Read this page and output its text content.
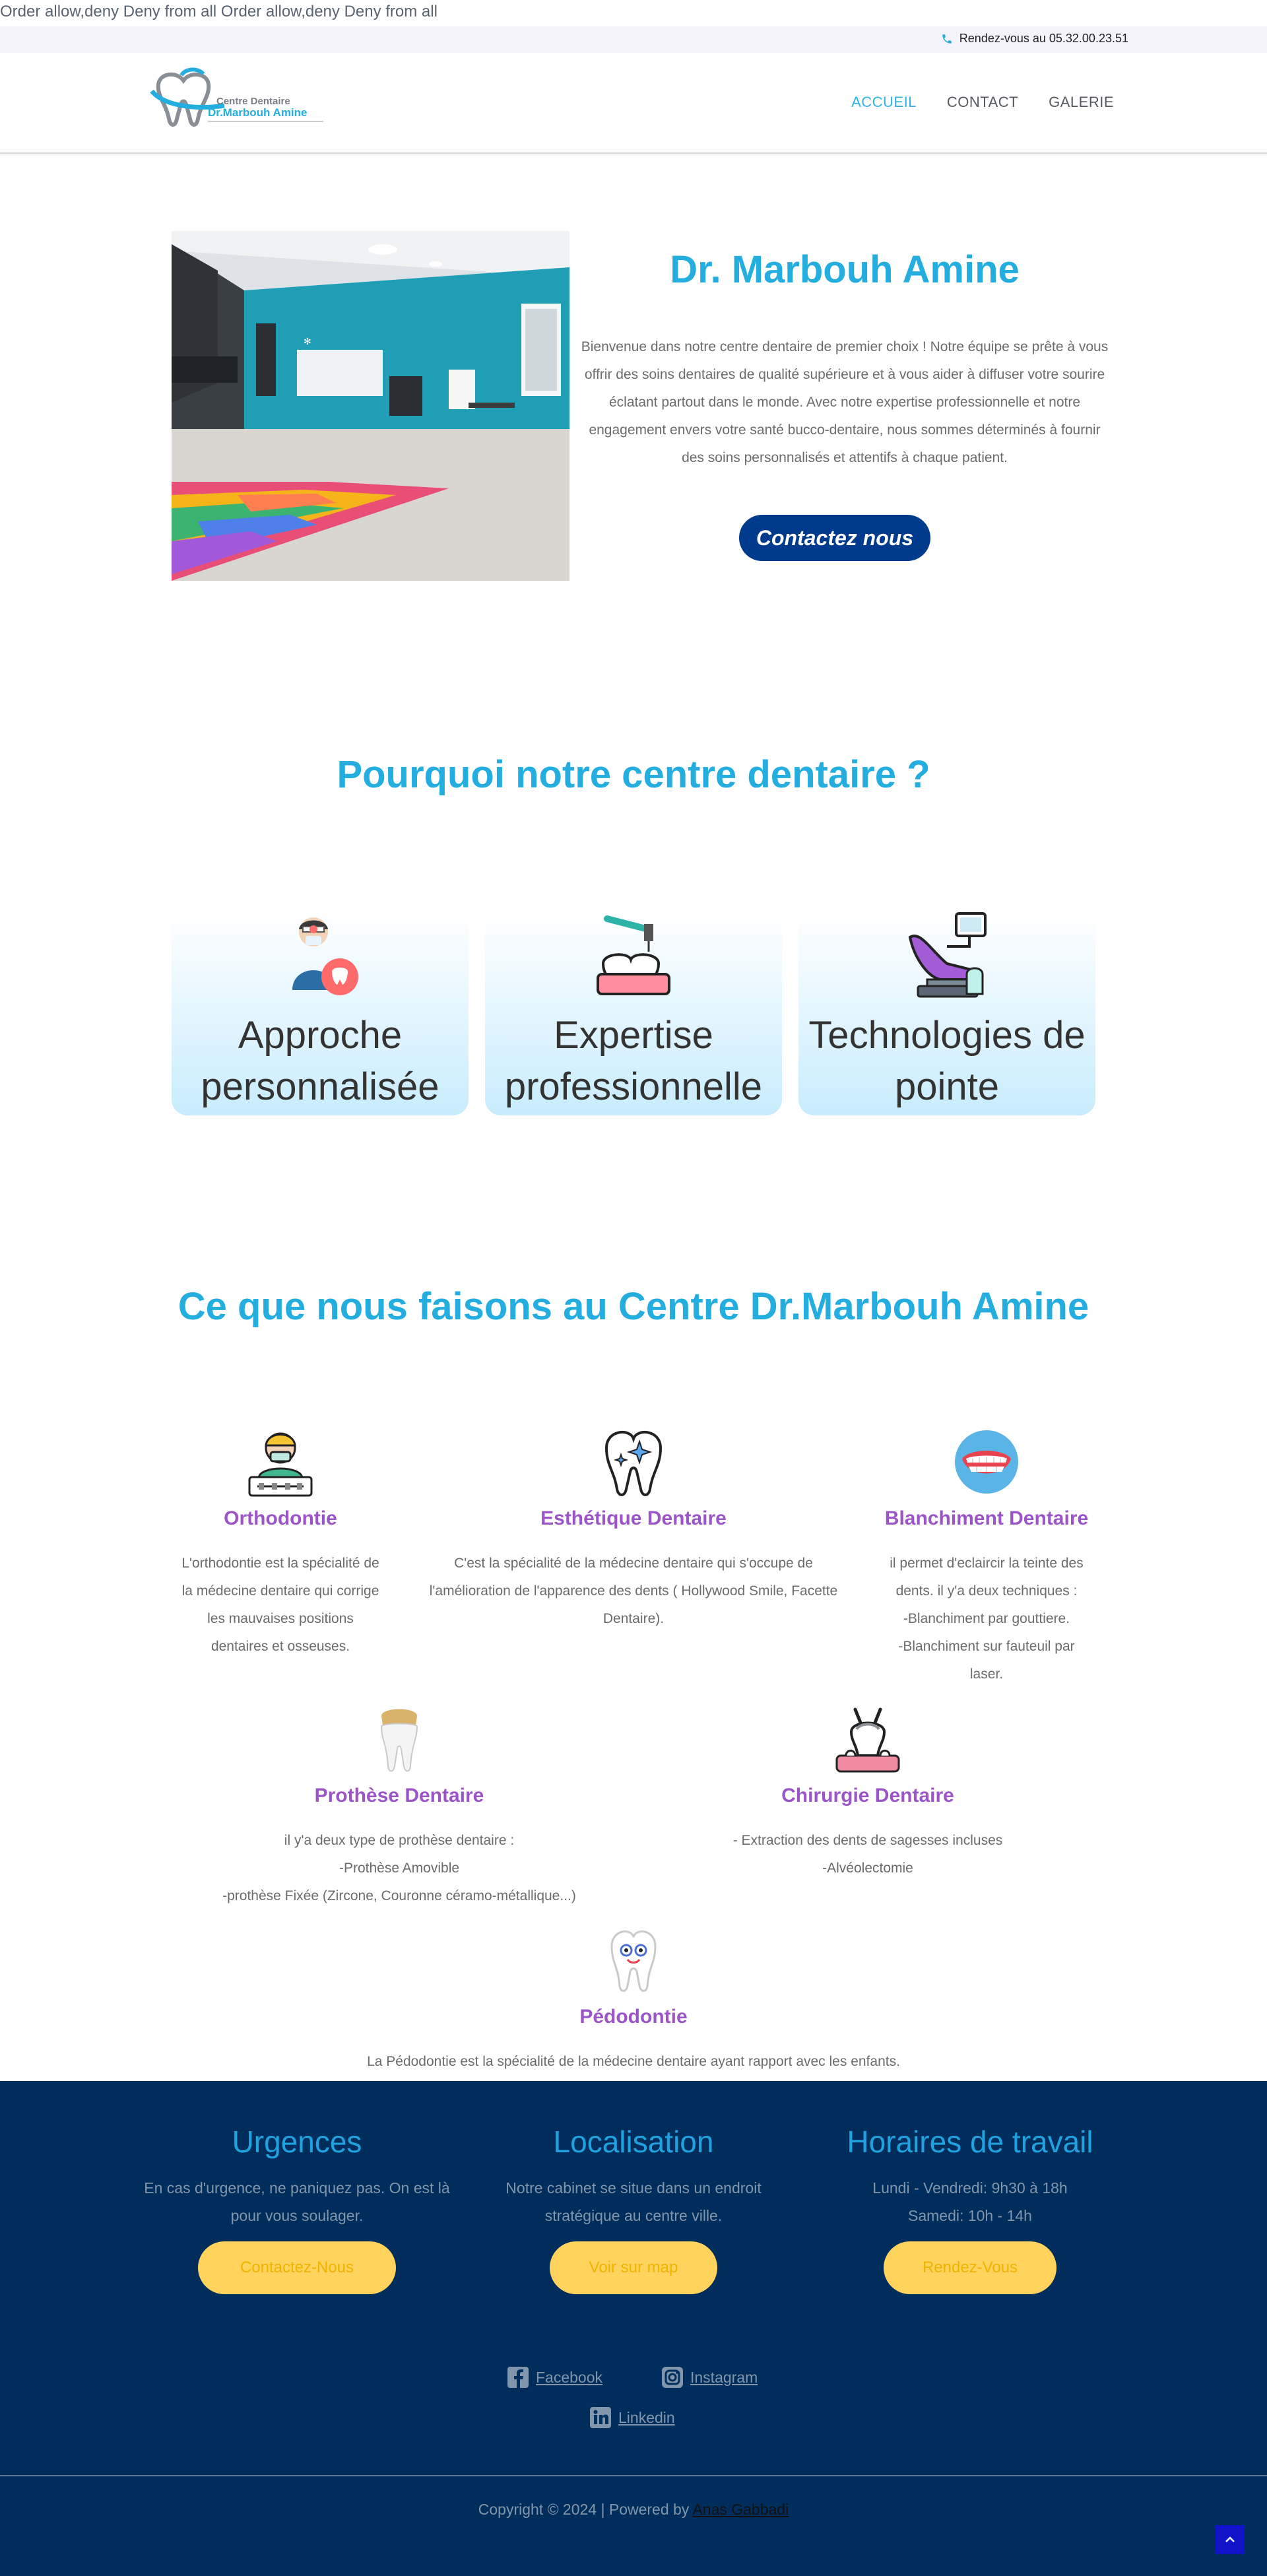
Order allow,deny Deny from all Order allow,deny Deny from all
Rendez-vous au 05.32.00.23.51
Centre Dentaire
Dr.Marbouh Amine
ACCUEIL CONTACT GALERIE
✻
Dr. Marbouh Amine
Bienvenue dans notre centre dentaire de premier choix ! Notre équipe se prête à vous offrir des soins dentaires de qualité supérieure et à vous aider à diffuser votre sourire éclatant partout dans le monde. Avec notre expertise professionnelle et notre engagement envers votre santé bucco-dentaire, nous sommes déterminés à fournir des soins personnalisés et attentifs à chaque patient.
Contactez nous
Pourquoi notre centre dentaire ?
Approche personnalisée
Expertise professionnelle
Technologies de pointe
Ce que nous faisons au Centre Dr.Marbouh Amine
Orthodontie
L'orthodontie est la spécialité de
la médecine dentaire qui corrige
les mauvaises positions
dentaires et osseuses.
Esthétique Dentaire
C'est la spécialité de la médecine dentaire qui s'occupe de
l'amélioration de l'apparence des dents ( Hollywood Smile, Facette
Dentaire).
Blanchiment Dentaire
il permet d'eclaircir la teinte des
dents. il y'a deux techniques :
-Blanchiment par gouttiere.
-Blanchiment sur fauteuil par
laser.
Prothèse Dentaire
il y'a deux type de prothèse dentaire :
-Prothèse Amovible
-prothèse Fixée (Zircone, Couronne céramo-métallique...)
Chirurgie Dentaire
- Extraction des dents de sagesses incluses
-Alvéolectomie
Pédodontie
La Pédodontie est la spécialité de la médecine dentaire ayant rapport avec les enfants.
Urgences

En cas d'urgence, ne paniquez pas. On est là
pour vous soulager.

Contactez-Nous
Localisation

Notre cabinet se situe dans un endroit
stratégique au centre ville.

Voir sur map
Horaires de travail

Lundi - Vendredi: 9h30 à 18h
Samedi: 10h - 14h

Rendez-Vous
Facebook	Instagram
Linkedin
Copyright © 2024 | Powered by Anas Gabbadi
